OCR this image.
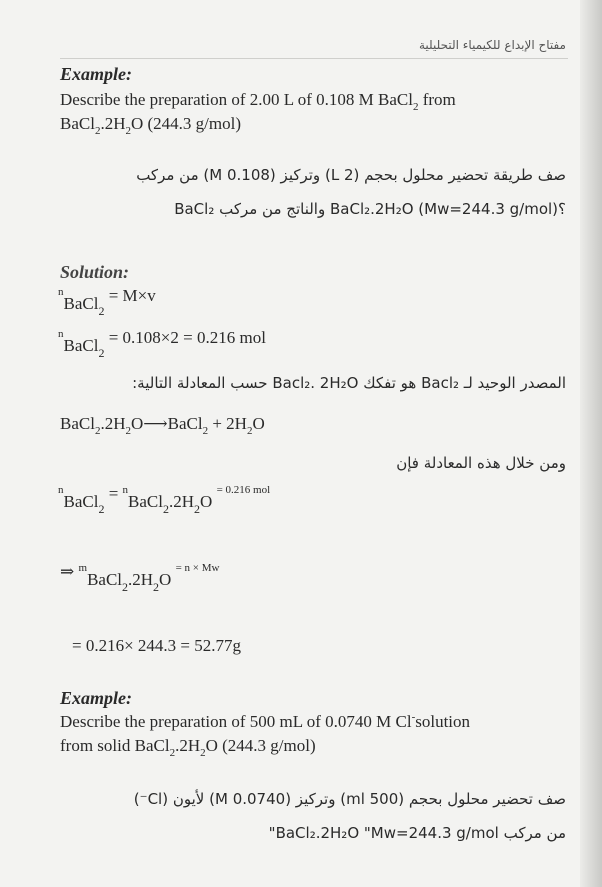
مفتاح الإبداع للكيمياء التحليلية
Example:
Describe the preparation of 2.00 L of 0.108 M BaCl$_2$ from
$BaCl_2.2H_2O$ (244.3 g/mol)
صف طريقة تحضير محلول بحجم (2 L) وتركيز (0.108 M) من مركب
BaCl₂ والناتج من مركب BaCl₂.2H₂O (Mw=244.3 g/mol)؟
Solution:
$^n$BaCl$_2$ = M×v
$^n$BaCl$_2$ = 0.108×2 = 0.216 mol
المصدر الوحيد لـ Bacl₂ هو تفكك Bacl₂. 2H₂O حسب المعادلة التالية:
$BaCl_2.2H_2O⟶BaCl_2 + 2H_2O$
ومن خلال هذه المعادلة فإن
$^n$BaCl$_2$ = $^nBaCl_2.2H_2O$ $^{= 0.216 mol}$
⇒ $^mBaCl_2.2H_2O$ $^{= n \times Mw}$
= 0.216× 244.3 = 52.77g
Example:
Describe the preparation of 500 mL of 0.0740 M Cl-solution
from solid $BaCl_2.2H_2O$ (244.3 g/mol)
صف تحضير محلول بحجم (500 ml) وتركيز (0.0740 M) لأيون (Cl⁻)
من مركب BaCl₂.2H₂O "Mw=244.3 g/mol"
